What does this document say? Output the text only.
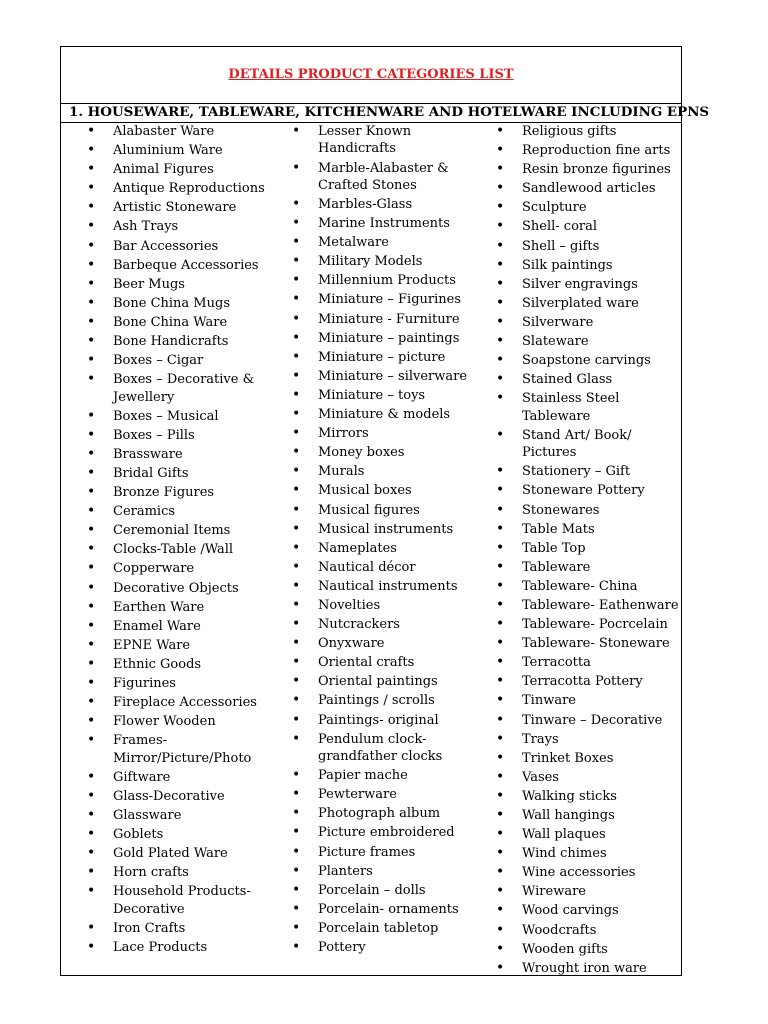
DETAILS PRODUCT CATEGORIES LIST
1. HOUSEWARE, TABLEWARE, KITCHENWARE AND HOTELWARE INCLUDING EPNS
• Alabaster Ware
• Aluminium Ware
• Animal Figures
• Antique Reproductions
• Artistic Stoneware
• Ash Trays
• Bar Accessories
• Barbeque Accessories
• Beer Mugs
• Bone China Mugs
• Bone China Ware
• Bone Handicrafts
• Boxes – Cigar
• Boxes – Decorative & Jewellery
• Boxes – Musical
• Boxes – Pills
• Brassware
• Bridal Gifts
• Bronze Figures
• Ceramics
• Ceremonial Items
• Clocks-Table /Wall
• Copperware
• Decorative Objects
• Earthen Ware
• Enamel Ware
• EPNE Ware
• Ethnic Goods
• Figurines
• Fireplace Accessories
• Flower Wooden
• Frames-Mirror/Picture/Photo
• Giftware
• Glass-Decorative
• Glassware
• Goblets
• Gold Plated Ware
• Horn crafts
• Household Products-Decorative
• Iron Crafts
• Lace Products
• Lesser Known Handicrafts
• Marble-Alabaster & Crafted Stones
• Marbles-Glass
• Marine Instruments
• Metalware
• Military Models
• Millennium Products
• Miniature – Figurines
• Miniature - Furniture
• Miniature – paintings
• Miniature – picture
• Miniature – silverware
• Miniature – toys
• Miniature & models
• Mirrors
• Money boxes
• Murals
• Musical boxes
• Musical figures
• Musical instruments
• Nameplates
• Nautical décor
• Nautical instruments
• Novelties
• Nutcrackers
• Onyxware
• Oriental crafts
• Oriental paintings
• Paintings / scrolls
• Paintings- original
• Pendulum clock-grandfather clocks
• Papier mache
• Pewterware
• Photograph album
• Picture embroidered
• Picture frames
• Planters
• Porcelain – dolls
• Porcelain- ornaments
• Porcelain tabletop
• Pottery
• Religious gifts
• Reproduction fine arts
• Resin bronze figurines
• Sandlewood articles
• Sculpture
• Shell- coral
• Shell – gifts
• Silk paintings
• Silver engravings
• Silverplated ware
• Silverware
• Slateware
• Soapstone carvings
• Stained Glass
• Stainless Steel Tableware
• Stand Art/ Book/ Pictures
• Stationery – Gift
• Stoneware Pottery
• Stonewares
• Table Mats
• Table Top
• Tableware
• Tableware- China
• Tableware- Eathenware
• Tableware- Pocrcelain
• Tableware- Stoneware
• Terracotta
• Terracotta Pottery
• Tinware
• Tinware – Decorative
• Trays
• Trinket Boxes
• Vases
• Walking sticks
• Wall hangings
• Wall plaques
• Wind chimes
• Wine accessories
• Wireware
• Wood carvings
• Woodcrafts
• Wooden gifts
• Wrought iron ware
